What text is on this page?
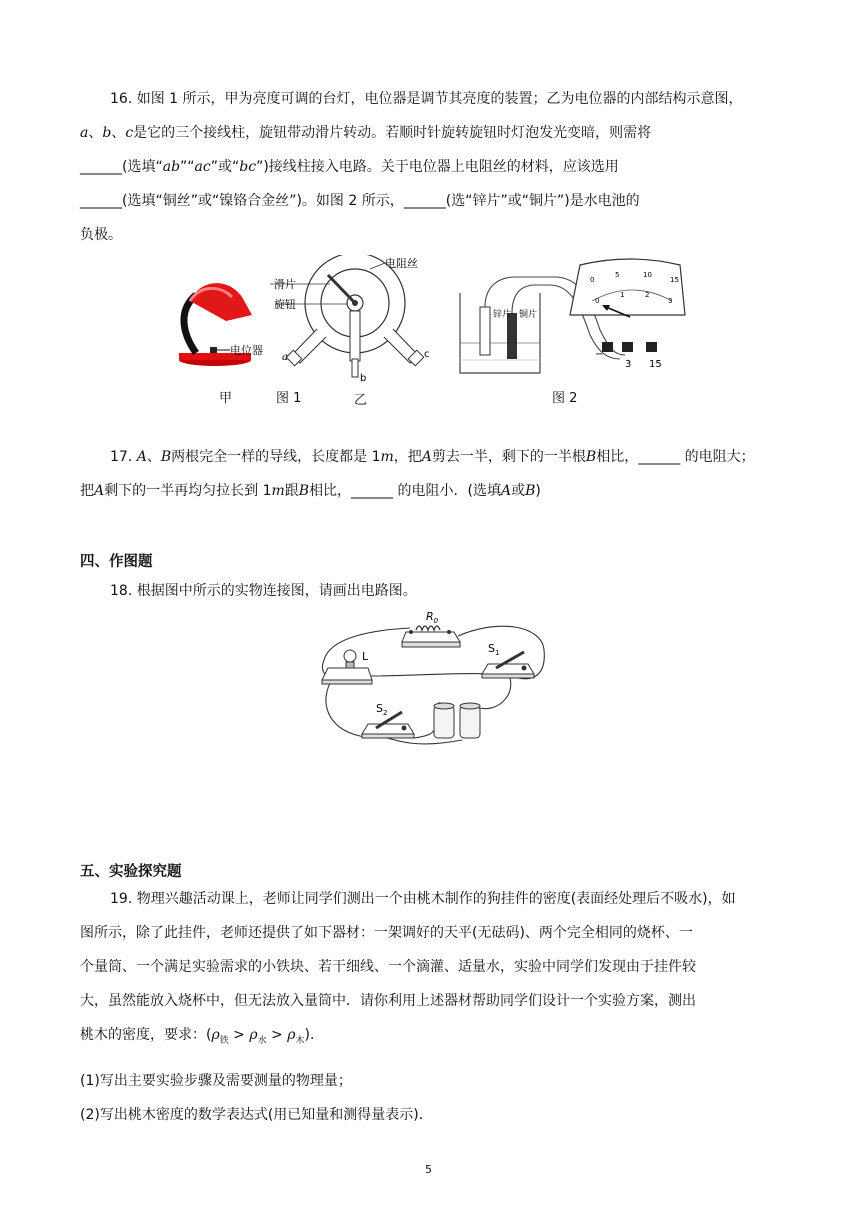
16. 如图 1 所示，甲为亮度可调的台灯，电位器是调节其亮度的装置；乙为电位器的内部结构示意图，
a、b、c是它的三个接线柱，旋钮带动滑片转动。若顺时针旋转旋钮时灯泡发光变暗，则需将
______(选填“ab”“ac”或“bc”)接线柱接入电路。关于电位器上电阻丝的材料，应该选用
______(选填“铜丝”或“镍铬合金丝”)。如图 2 所示，______(选“锌片”或“铜片”)是水电池的
负极。
电位器
滑片
旋钮
电阻丝
a
b
c
锌片 铜片
0
5	10
15
0
1	2
3
−
3 15
甲	图 1	乙	图 2
17. A、B两根完全一样的导线，长度都是 1m，把A剪去一半，剩下的一半根B相比，______ 的电阻大；
把A剩下的一半再均匀拉长到 1m跟B相比，______ 的电阻小．(选填A或B)
四、作图题
18. 根据图中所示的实物连接图，请画出电路图。
$R_0$
L
$S_1$
$S_2$
五、实验探究题
19. 物理兴趣活动课上，老师让同学们测出一个由桃木制作的狗挂件的密度(表面经处理后不吸水)，如
图所示，除了此挂件，老师还提供了如下器材：一架调好的天平(无砝码)、两个完全相同的烧杯、一
个量筒、一个满足实验需求的小铁块、若干细线、一个滴灌、适量水，实验中同学们发现由于挂件较
大，虽然能放入烧杯中，但无法放入量筒中．请你利用上述器材帮助同学们设计一个实验方案，测出
桃木的密度，要求：$(\rho_铁 > \rho_水 > \rho_木)$．
(1)写出主要实验步骤及需要测量的物理量；
(2)写出桃木密度的数学表达式(用已知量和测得量表示)．
5
